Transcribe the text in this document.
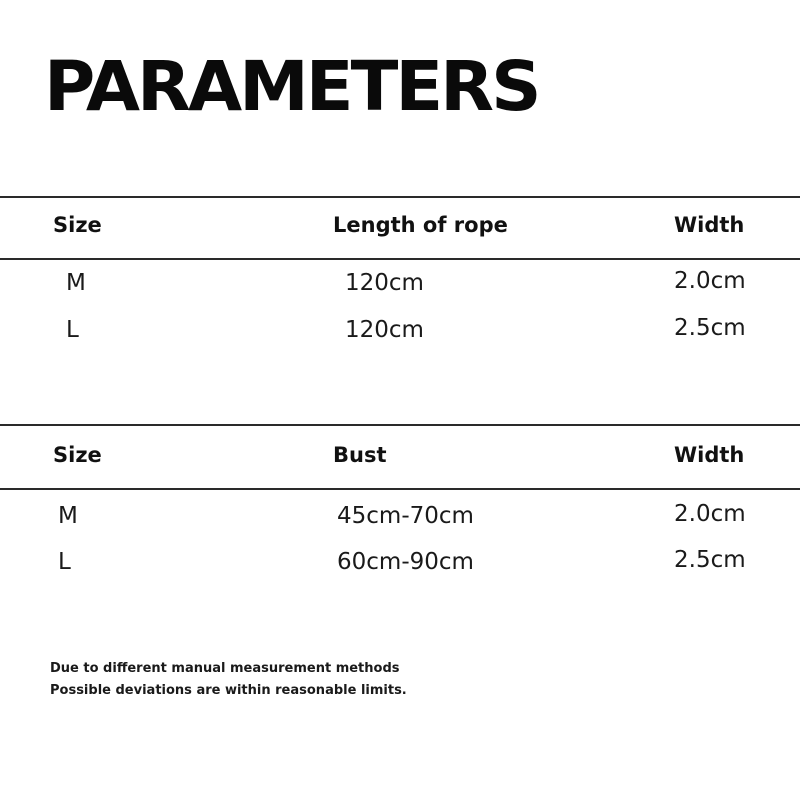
PARAMETERS
Size	Length of rope	Width
M	120cm	2.0cm
L	120cm	2.5cm
Size	Bust	Width
M	45cm-70cm	2.0cm
L	60cm-90cm	2.5cm
Due to different manual measurement methods
Possible deviations are within reasonable limits.
